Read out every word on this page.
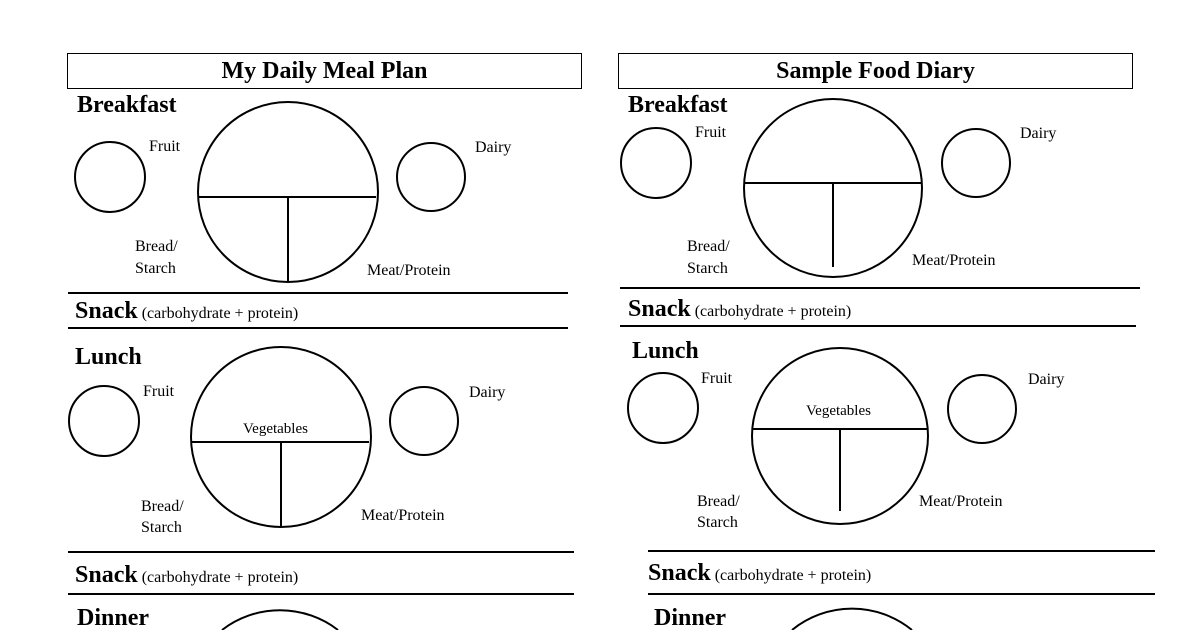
My Daily Meal Plan
Breakfast
Fruit	Dairy
Bread/
Starch	Meat/Protein
Snack (carbohydrate + protein)
Lunch
Fruit	Dairy
Vegetables
Bread/
Starch
Meat/Protein
Snack (carbohydrate + protein)
Dinner
Sample Food Diary
Breakfast
Fruit	Dairy
Bread/
Starch	Meat/Protein
Snack (carbohydrate + protein)
Lunch
Fruit	Dairy
Vegetables
Bread/
Starch
Meat/Protein
Snack (carbohydrate + protein)
Dinner
